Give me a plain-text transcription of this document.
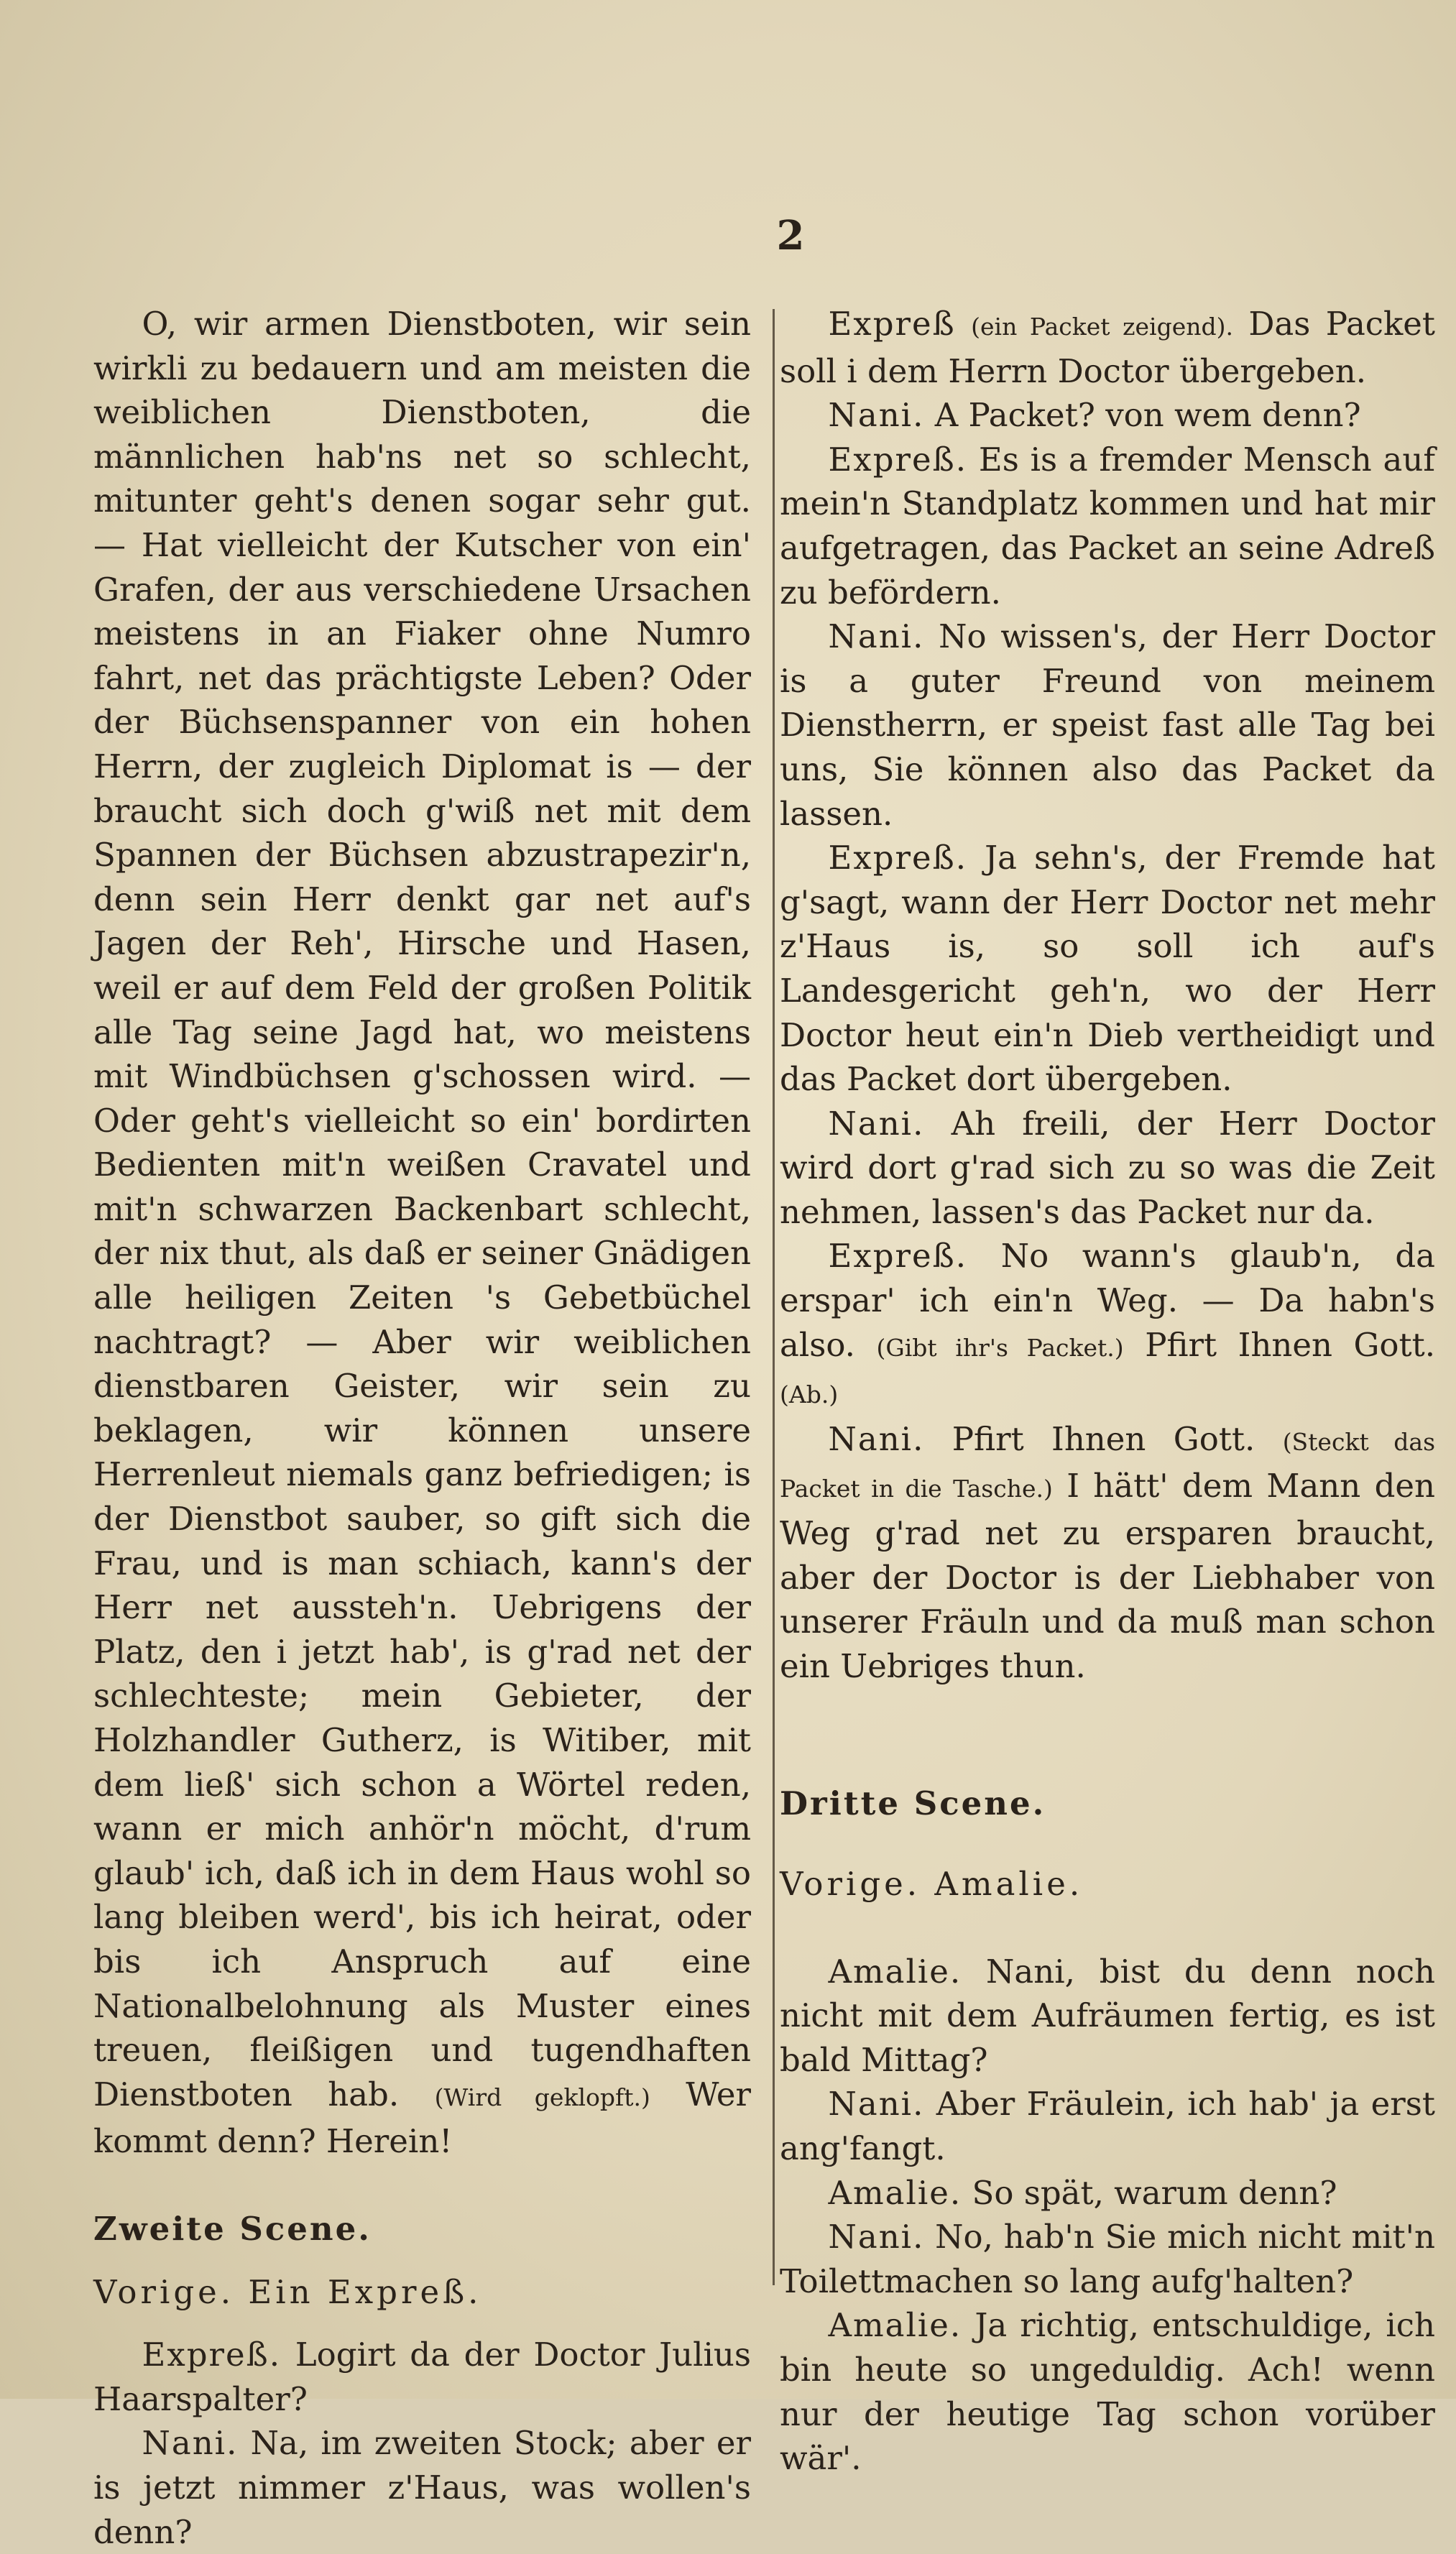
2

O, wir armen Dienstboten, wir sein wirkli zu bedauern und am meisten die weiblichen Dienstboten, die männlichen hab'ns net so schlecht, mitunter geht's denen sogar sehr gut. — Hat vielleicht der Kutscher von ein' Grafen, der aus verschiedene Ursachen meistens in an Fiaker ohne Numro fahrt, net das prächtigste Leben? Oder der Büchsenspanner von ein hohen Herrn, der zugleich Diplomat is — der braucht sich doch g'wiß net mit dem Spannen der Büchsen abzustrapezir'n, denn sein Herr denkt gar net auf's Jagen der Reh', Hirsche und Hasen, weil er auf dem Feld der großen Politik alle Tag seine Jagd hat, wo meistens mit Windbüchsen g'schossen wird. — Oder geht's vielleicht so ein' bordirten Bedienten mit'n weißen Cravatel und mit'n schwarzen Backenbart schlecht, der nix thut, als daß er seiner Gnädigen alle heiligen Zeiten 's Gebetbüchel nachtragt? — Aber wir weiblichen dienstbaren Geister, wir sein zu beklagen, wir können unsere Herrenleut niemals ganz befriedigen; is der Dienstbot sauber, so gift sich die Frau, und is man schiach, kann's der Herr net aussteh'n. Uebrigens der Platz, den i jetzt hab', is g'rad net der schlechteste; mein Gebieter, der Holzhandler Gutherz, is Witiber, mit dem ließ' sich schon a Wörtel reden, wann er mich anhör'n möcht, d'rum glaub' ich, daß ich in dem Haus wohl so lang bleiben werd', bis ich heirat, oder bis ich Anspruch auf eine Nationalbelohnung als Muster eines treuen, fleißigen und tugendhaften Dienstboten hab. (Wird geklopft.) Wer kommt denn? Herein!

Zweite Scene.

Vorige. Ein Expreß.

Expreß. Logirt da der Doctor Julius Haarspalter?

Nani. Na, im zweiten Stock; aber er is jetzt nimmer z'Haus, was wollen's denn?

Expreß (ein Packet zeigend). Das Packet soll i dem Herrn Doctor übergeben.

Nani. A Packet? von wem denn?

Expreß. Es is a fremder Mensch auf mein'n Standplatz kommen und hat mir aufgetragen, das Packet an seine Adreß zu befördern.

Nani. No wissen's, der Herr Doctor is a guter Freund von meinem Dienstherrn, er speist fast alle Tag bei uns, Sie können also das Packet da lassen.

Expreß. Ja sehn's, der Fremde hat g'sagt, wann der Herr Doctor net mehr z'Haus is, so soll ich auf's Landesgericht geh'n, wo der Herr Doctor heut ein'n Dieb vertheidigt und das Packet dort übergeben.

Nani. Ah freili, der Herr Doctor wird dort g'rad sich zu so was die Zeit nehmen, lassen's das Packet nur da.

Expreß. No wann's glaub'n, da erspar' ich ein'n Weg. — Da habn's also. (Gibt ihr's Packet.) Pfirt Ihnen Gott. (Ab.)

Nani. Pfirt Ihnen Gott. (Steckt das Packet in die Tasche.) I hätt' dem Mann den Weg g'rad net zu ersparen braucht, aber der Doctor is der Liebhaber von unserer Fräuln und da muß man schon ein Uebriges thun.

Dritte Scene.

Vorige. Amalie.

Amalie. Nani, bist du denn noch nicht mit dem Aufräumen fertig, es ist bald Mittag?

Nani. Aber Fräulein, ich hab' ja erst ang'fangt.

Amalie. So spät, warum denn?

Nani. No, hab'n Sie mich nicht mit'n Toilettmachen so lang aufg'halten?

Amalie. Ja richtig, entschuldige, ich bin heute so ungeduldig. Ach! wenn nur der heutige Tag schon vorüber wär'.
